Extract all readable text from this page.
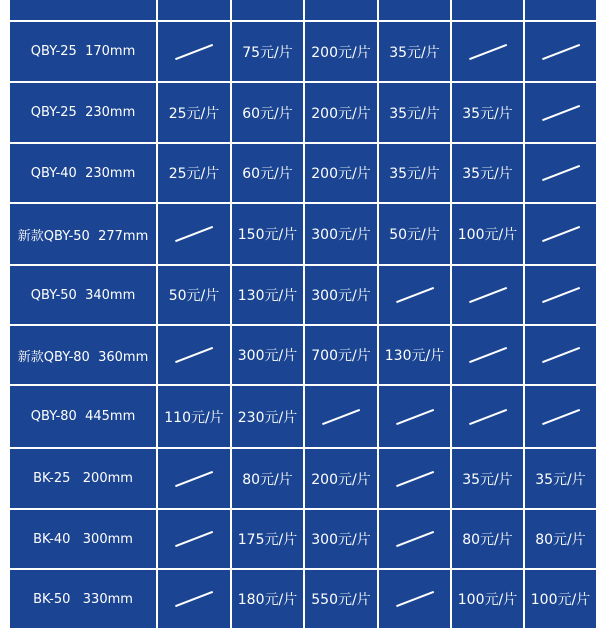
QBY-25  170mm		75元/片	200元/片	35元/片		
QBY-25  230mm	25元/片	60元/片	200元/片	35元/片	35元/片	
QBY-40  230mm	25元/片	60元/片	200元/片	35元/片	35元/片	
新款QBY-50  277mm		150元/片	300元/片	50元/片	100元/片	
QBY-50  340mm	50元/片	130元/片	300元/片			
新款QBY-80  360mm		300元/片	700元/片	130元/片		
QBY-80  445mm	110元/片	230元/片				
BK-25   200mm		80元/片	200元/片		35元/片	35元/片
BK-40   300mm		175元/片	300元/片		80元/片	80元/片
BK-50   330mm		180元/片	550元/片		100元/片	100元/片
